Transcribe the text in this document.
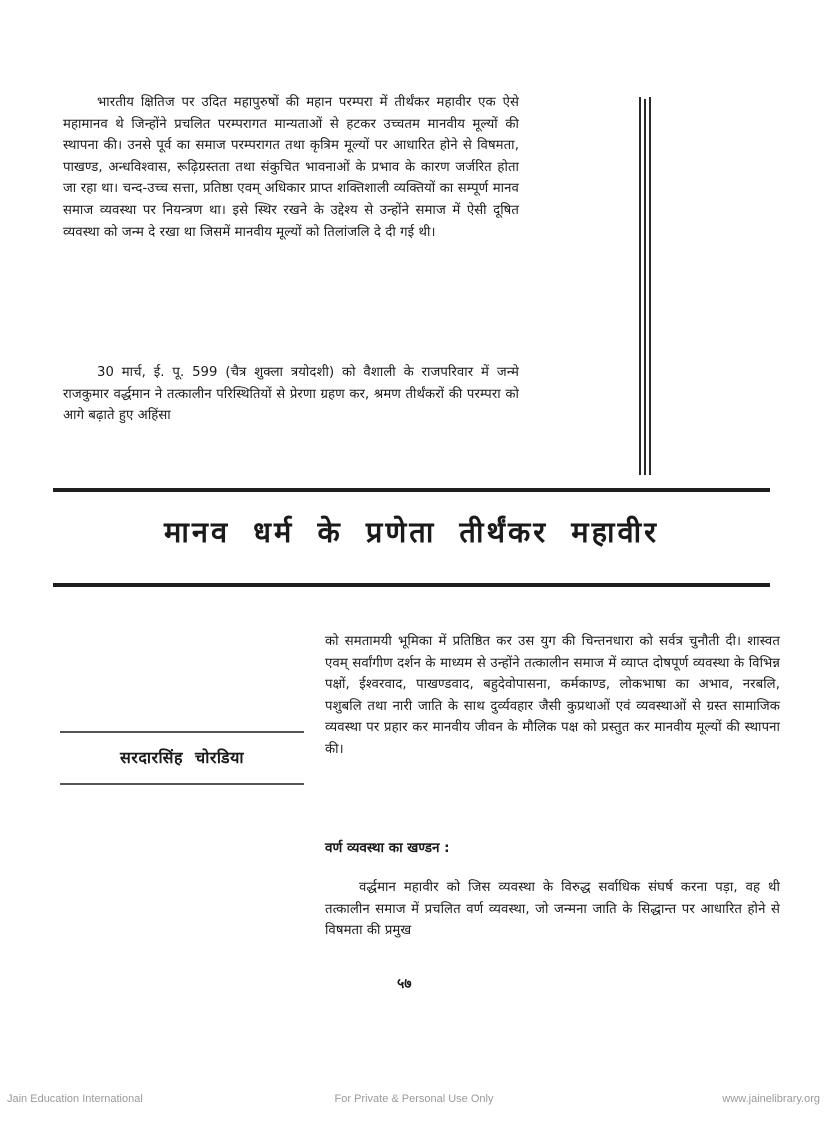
भारतीय क्षितिज पर उदित महापुरुषों की महान परम्परा में तीर्थंकर महावीर एक ऐसे महामानव थे जिन्होंने प्रचलित परम्परागत मान्यताओं से हटकर उच्चतम मानवीय मूल्यों की स्थापना की। उनसे पूर्व का समाज परम्परागत तथा कृत्रिम मूल्यों पर आधारित होने से विषमता, पाखण्ड, अन्धविश्वास, रूढ़िग्रस्तता तथा संकुचित भावनाओं के प्रभाव के कारण जर्जरित होता जा रहा था। चन्द-उच्च सत्ता, प्रतिष्ठा एवम् अधिकार प्राप्त शक्तिशाली व्यक्तियों का सम्पूर्ण मानव समाज व्यवस्था पर नियन्त्रण था। इसे स्थिर रखने के उद्देश्य से उन्होंने समाज में ऐसी दूषित व्यवस्था को जन्म दे रखा था जिसमें मानवीय मूल्यों को तिलांजलि दे दी गई थी।
30 मार्च, ई. पू. 599 (चैत्र शुक्ला त्रयोदशी) को वैशाली के राजपरिवार में जन्मे राजकुमार वर्द्धमान ने तत्कालीन परिस्थितियों से प्रेरणा ग्रहण कर, श्रमण तीर्थंकरों की परम्परा को आगे बढ़ाते हुए अहिंसा
मानव धर्म के प्रणेता तीर्थंकर महावीर
सरदारसिंह चोरडिया
को समतामयी भूमिका में प्रतिष्ठित कर उस युग की चिन्तनधारा को सर्वत्र चुनौती दी। शास्वत एवम् सर्वांगीण दर्शन के माध्यम से उन्होंने तत्कालीन समाज में व्याप्त दोषपूर्ण व्यवस्था के विभिन्न पक्षों, ईश्वरवाद, पाखण्डवाद, बहुदेवोपासना, कर्मकाण्ड, लोकभाषा का अभाव, नरबलि, पशुबलि तथा नारी जाति के साथ दुर्व्यवहार जैसी कुप्रथाओं एवं व्यवस्थाओं से ग्रस्त सामाजिक व्यवस्था पर प्रहार कर मानवीय जीवन के मौलिक पक्ष को प्रस्तुत कर मानवीय मूल्यों की स्थापना की।
वर्ण व्यवस्था का खण्डन :
वर्द्धमान महावीर को जिस व्यवस्था के विरुद्ध सर्वाधिक संघर्ष करना पड़ा, वह थी तत्कालीन समाज में प्रचलित वर्ण व्यवस्था, जो जन्मना जाति के सिद्धान्त पर आधारित होने से विषमता की प्रमुख
५७
Jain Education International	For Private & Personal Use Only	www.jainelibrary.org
